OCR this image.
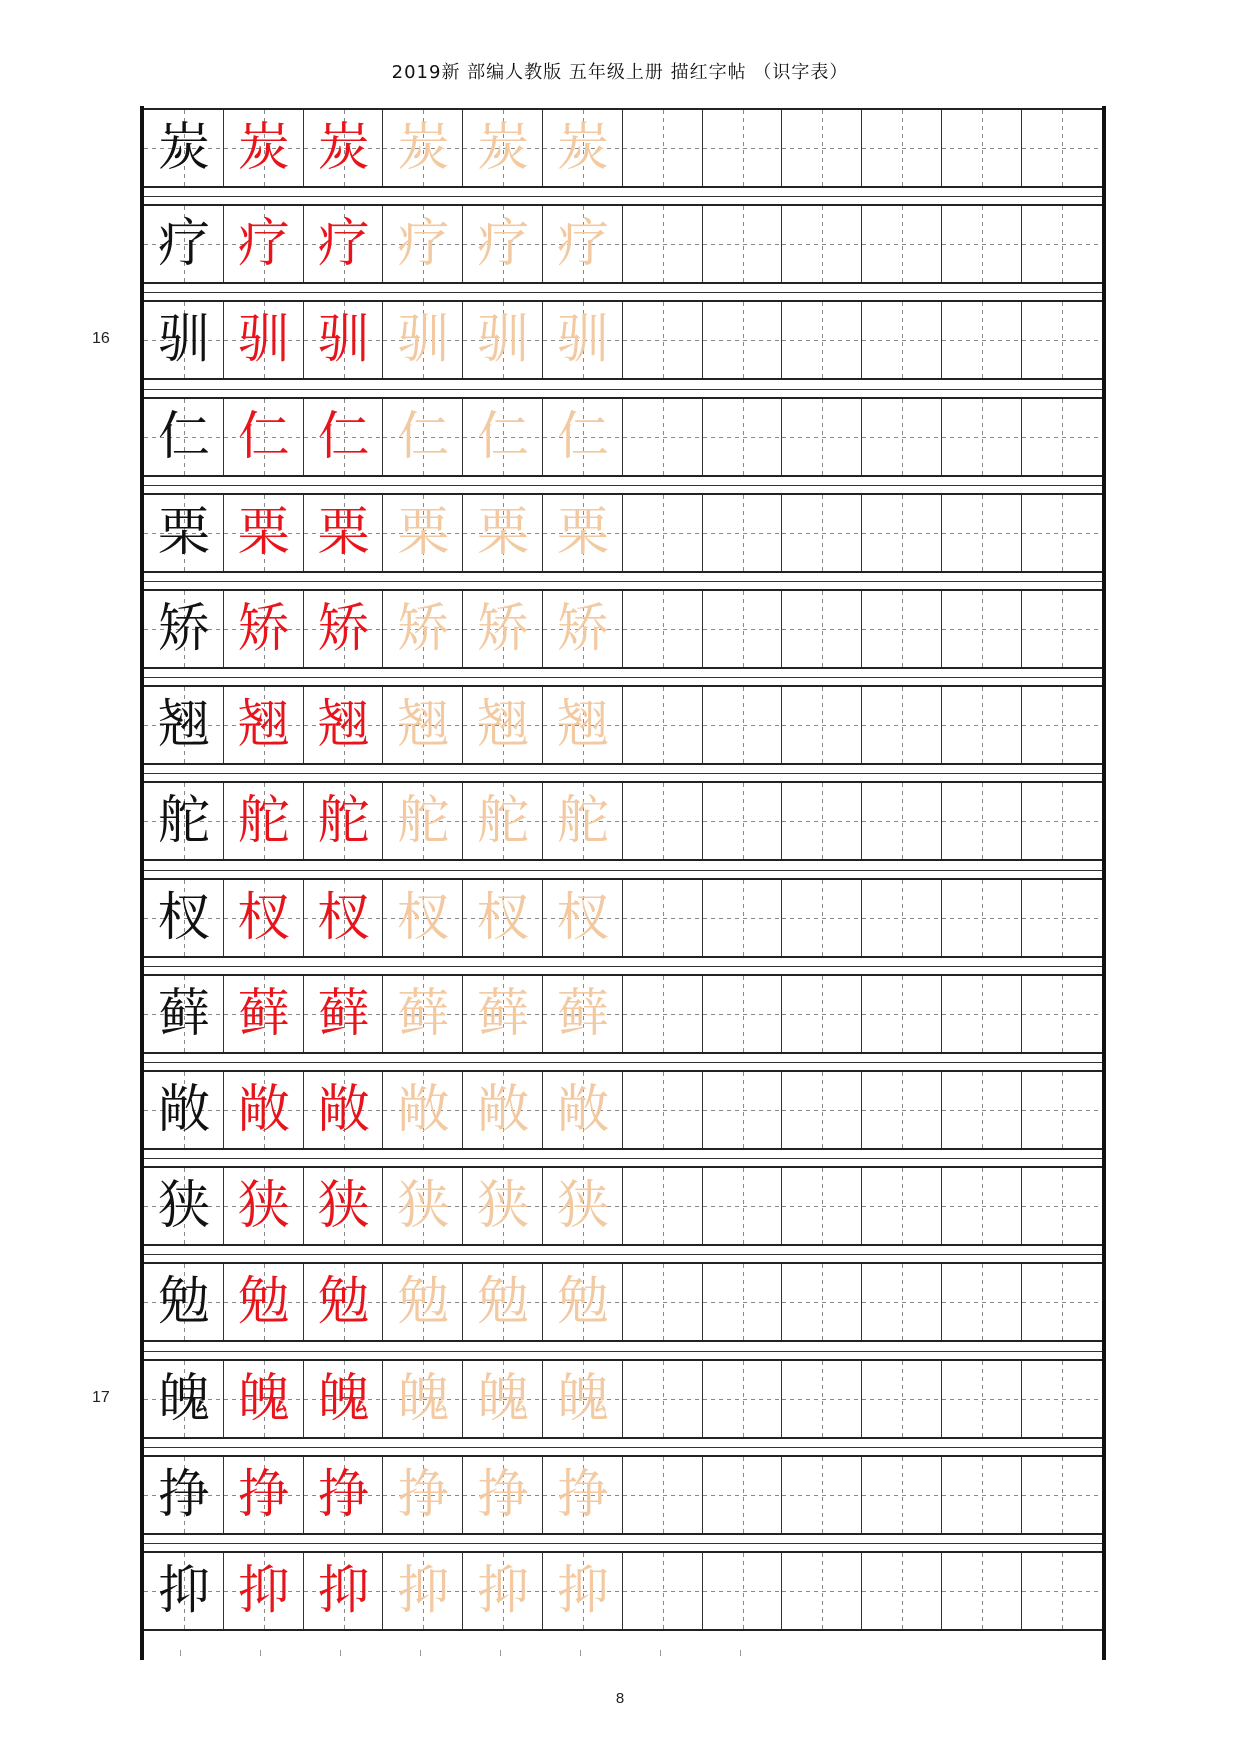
2019新 部编人教版 五年级上册 描红字帖 （识字表）
炭 炭 炭 炭 炭 炭
疗 疗 疗 疗 疗 疗
驯 驯 驯 驯 驯 驯
仁 仁 仁 仁 仁 仁
栗 栗 栗 栗 栗 栗
矫 矫 矫 矫 矫 矫
翘 翘 翘 翘 翘 翘
舵 舵 舵 舵 舵 舵
杈 杈 杈 杈 杈 杈
藓 藓 藓 藓 藓 藓
敞 敞 敞 敞 敞 敞
狭 狭 狭 狭 狭 狭
勉 勉 勉 勉 勉 勉
魄 魄 魄 魄 魄 魄
挣 挣 挣 挣 挣 挣
抑 抑 抑 抑 抑 抑
16
17
8
